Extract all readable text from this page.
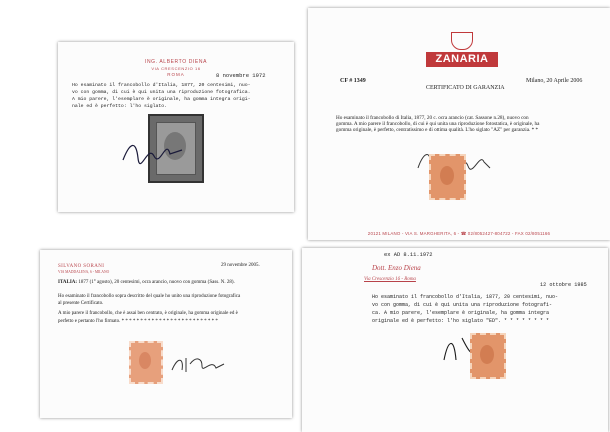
ING. ALBERTO DIENA
VIA CRESCENZIO 16
ROMA	8 novembre 1972
Ho esaminato il francobollo d'Italia, 1877, 20 centesimi, nuo-
vo con gomma, di cui è qui unita una riproduzione fotografica.
A mio parere, l'esemplare è originale, ha gomma integra origi-
nale ed è perfetto: l'ho siglato.
ZANARIA
CF # 1349
CERTIFICATO DI GARANZIA
Milano, 20 Aprile 2006
Ho esaminato il francobollo di Italia, 1877, 20 c. ocra arancio (cat. Sassone n.28), nuovo con
gomma. A mio parere il francobollo, di cui è qui unita una riproduzione fotostatica, è originale, ha
gomma originale, è perfetto, centratissimo e di ottima qualità. L'ho siglato "AZ" per garanzia. * *
20121 MILANO - VIA S. MARGHERITA, 6 - ☎ 02/8052427-804722 - FAX 02/8051166
SILVANO SORANI
VIA MADDALENA, 6 - MILANO
29 novembre 2005.
ITALIA: 1877 (1° agosto), 20 centesimi, ocra arancio, nuovo con gomma (Sass. N. 28).
Ho esaminato il francobollo sopra descritto del quale ho unito una riproduzione fotografica
al presente Certificato.
A mio parere il francobollo, che è assai ben centrato, è originale, ha gomma originale ed è
perfetto e pertanto l'ho firmato. * * * * * * * * * * * * * * * * * * * * * * * * * *
ex AD 8.11.1972
Dott. Enzo Diena
Via Crescenzio 16 - Roma
12 ottobre 1985
Ho esaminato il francobollo d'Italia, 1877, 20 centesimi, nuo-
vo con gomma, di cui è qui unita una riproduzione fotografi-
ca. A mio parere, l'esemplare è originale, ha gomma integra
originale ed è perfetto: l'ho siglato "ED". * * * * * * * *
